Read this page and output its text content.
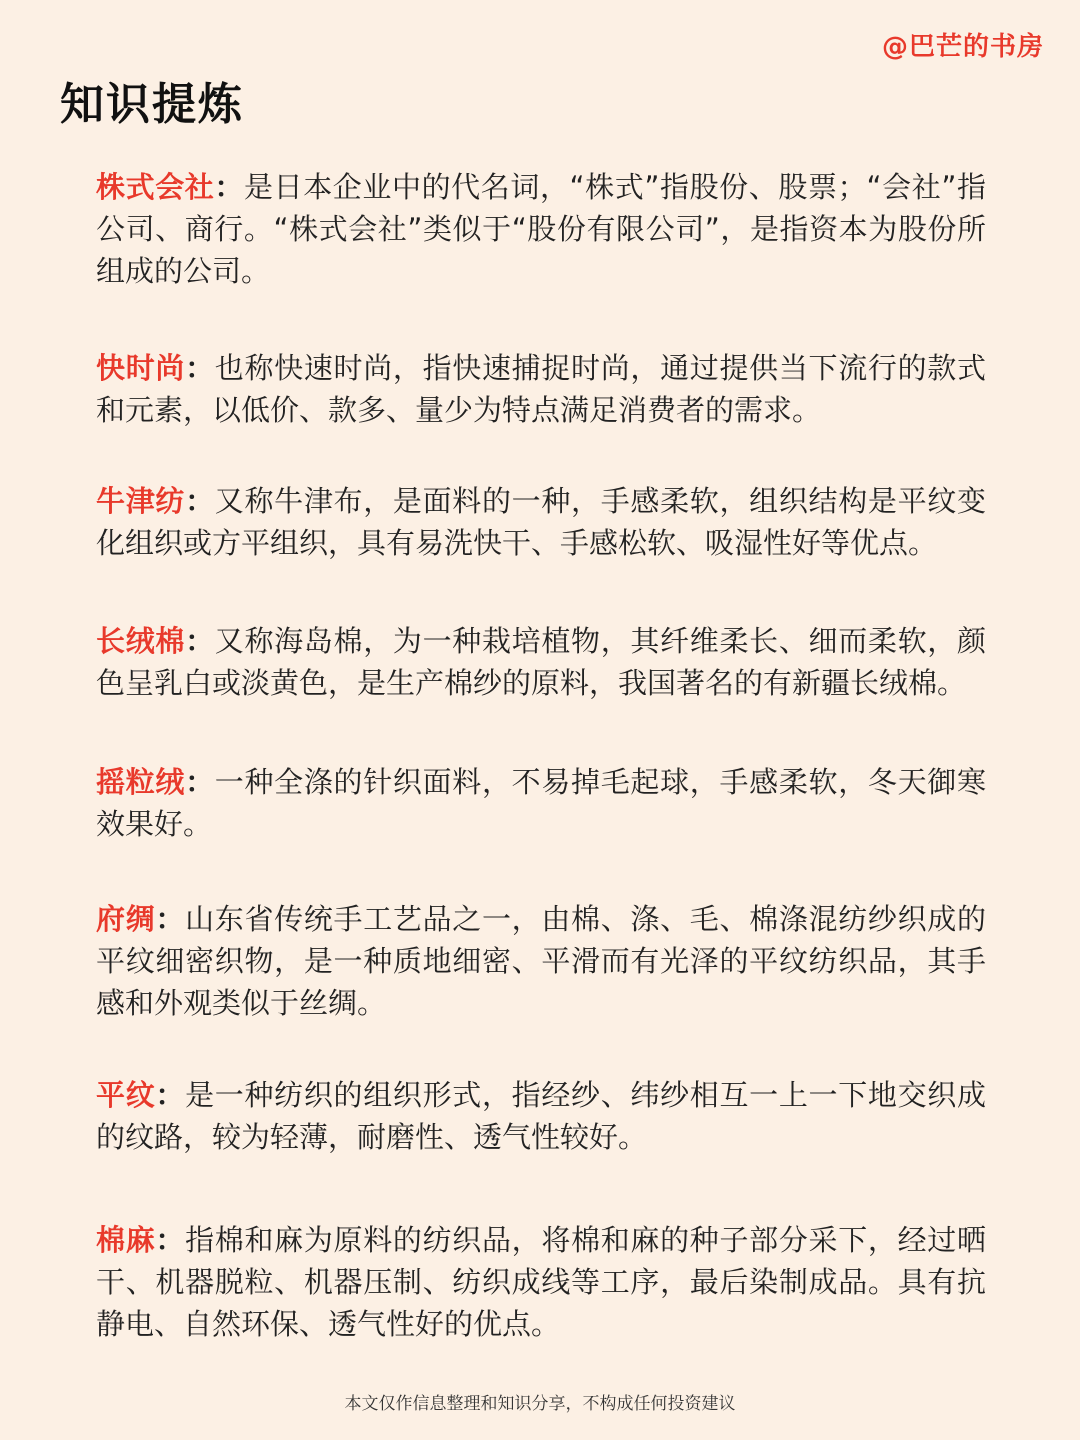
@巴芒的书房
知识提炼
株式会社：是日本企业中的代名词，“株式”指股份、股票；“会社”指公司、商行。“株式会社”类似于“股份有限公司”，是指资本为股份所组成的公司。
快时尚：也称快速时尚，指快速捕捉时尚，通过提供当下流行的款式和元素，以低价、款多、量少为特点满足消费者的需求。
牛津纺：又称牛津布，是面料的一种，手感柔软，组织结构是平纹变化组织或方平组织，具有易洗快干、手感松软、吸湿性好等优点。
长绒棉：又称海岛棉，为一种栽培植物，其纤维柔长、细而柔软，颜色呈乳白或淡黄色，是生产棉纱的原料，我国著名的有新疆长绒棉。
摇粒绒：一种全涤的针织面料，不易掉毛起球，手感柔软，冬天御寒效果好。
府绸：山东省传统手工艺品之一，由棉、涤、毛、棉涤混纺纱织成的平纹细密织物，是一种质地细密、平滑而有光泽的平纹纺织品，其手感和外观类似于丝绸。
平纹：是一种纺织的组织形式，指经纱、纬纱相互一上一下地交织成的纹路，较为轻薄，耐磨性、透气性较好。
棉麻：指棉和麻为原料的纺织品，将棉和麻的种子部分采下，经过晒干、机器脱粒、机器压制、纺织成线等工序，最后染制成品。具有抗静电、自然环保、透气性好的优点。
本文仅作信息整理和知识分享，不构成任何投资建议
